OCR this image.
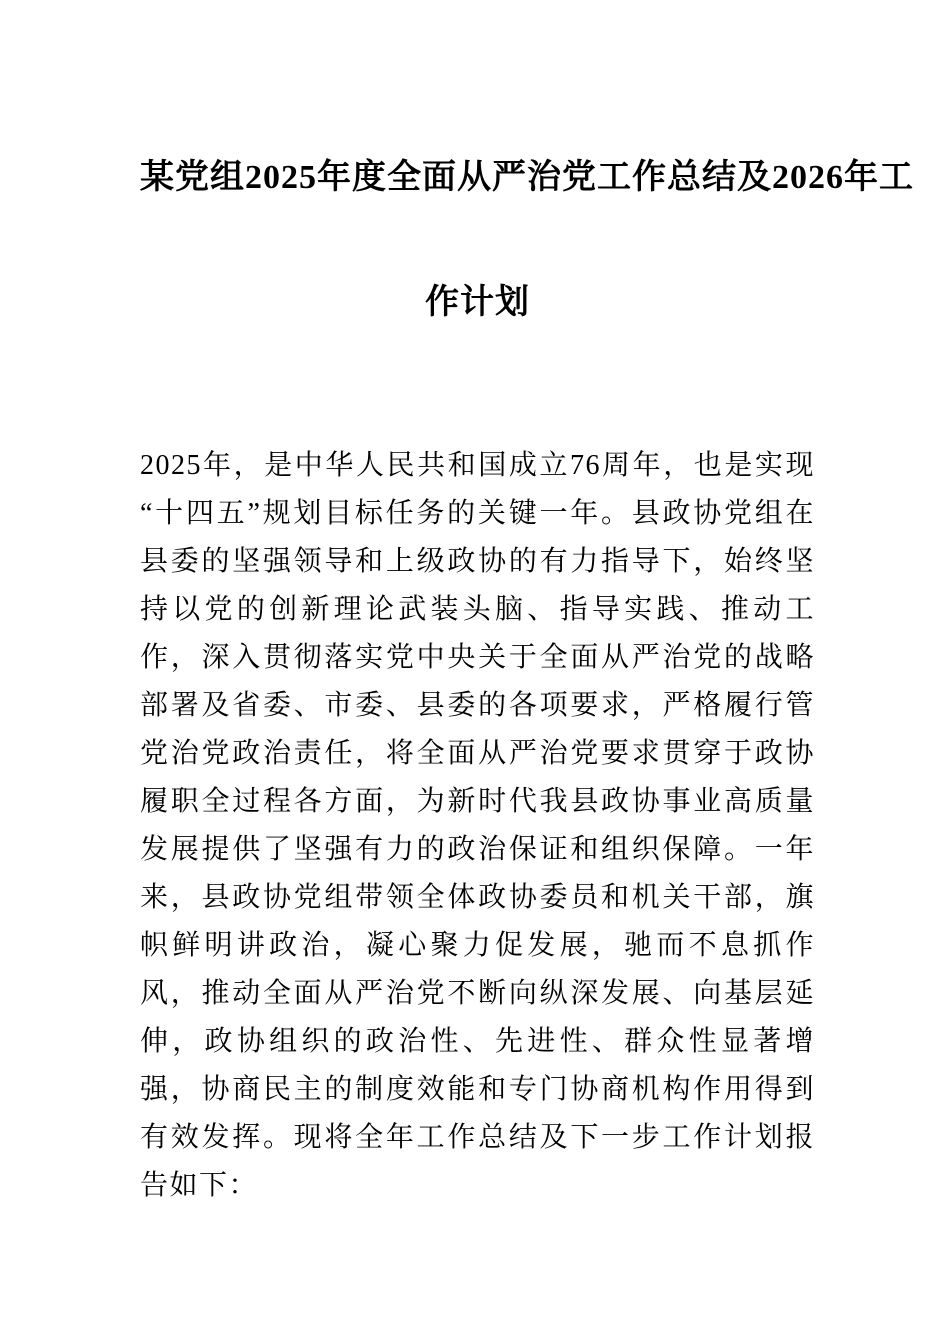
某党组2025年度全面从严治党工作总结及2026年工
作计划

2025年，是中华人民共和国成立76周年，也是实现“十四五”规划目标任务的关键一年。县政协党组在县委的坚强领导和上级政协的有力指导下，始终坚持以党的创新理论武装头脑、指导实践、推动工作，深入贯彻落实党中央关于全面从严治党的战略部署及省委、市委、县委的各项要求，严格履行管党治党政治责任，将全面从严治党要求贯穿于政协履职全过程各方面，为新时代我县政协事业高质量发展提供了坚强有力的政治保证和组织保障。一年来，县政协党组带领全体政协委员和机关干部，旗帜鲜明讲政治，凝心聚力促发展，驰而不息抓作风，推动全面从严治党不断向纵深发展、向基层延伸，政协组织的政治性、先进性、群众性显著增强，协商民主的制度效能和专门协商机构作用得到有效发挥。现将全年工作总结及下一步工作计划报告如下：
